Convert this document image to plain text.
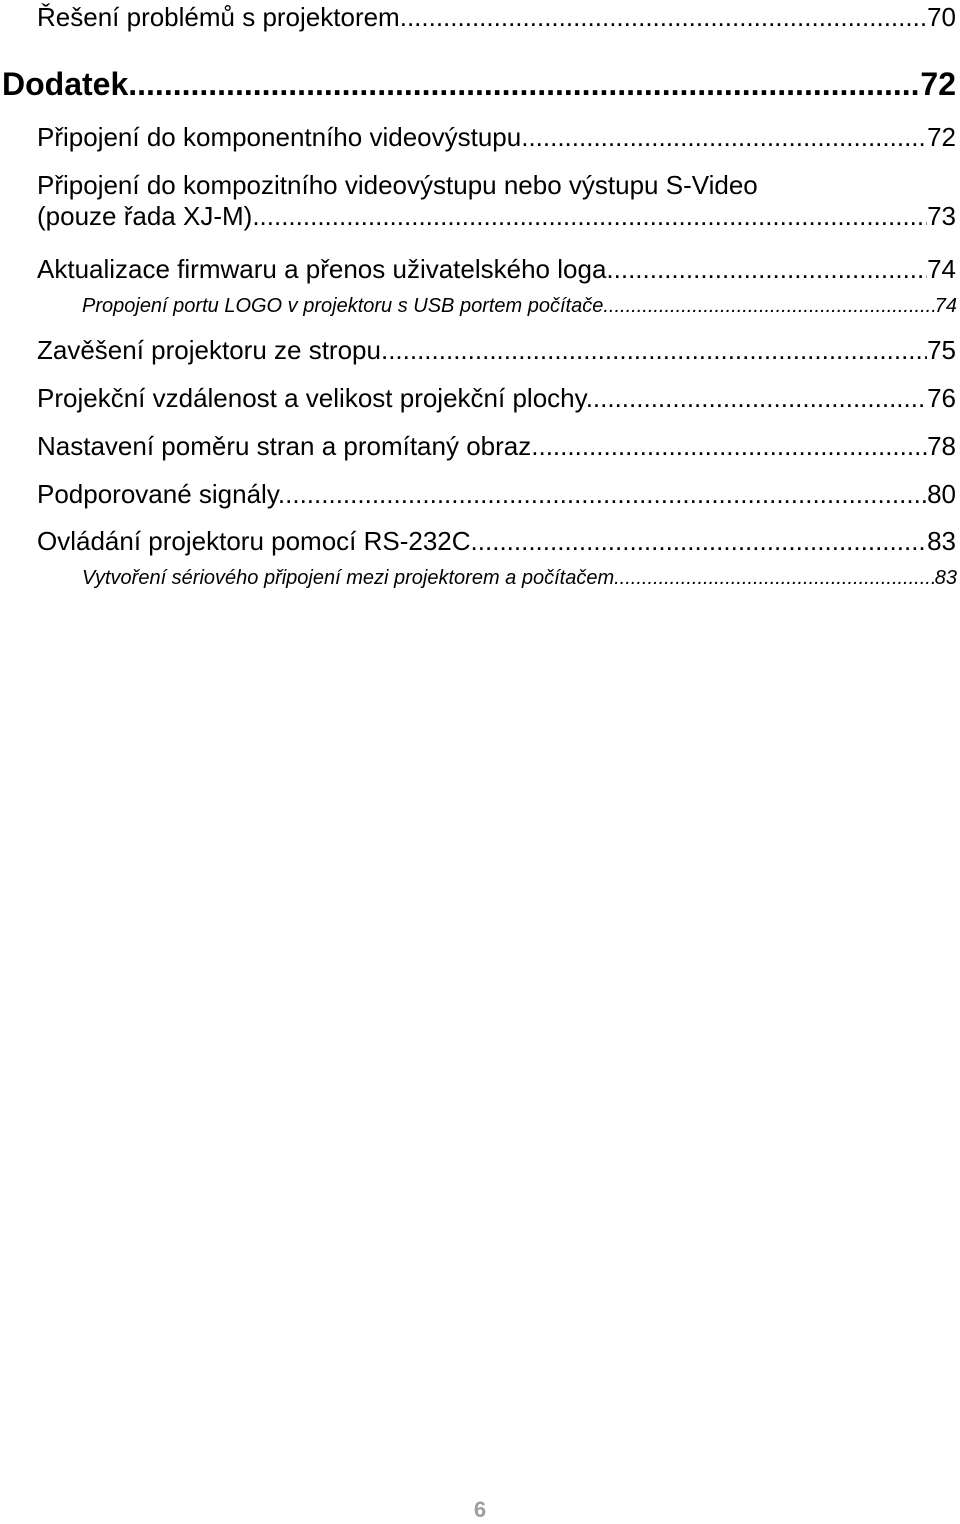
Řešení problémů s projektorem .....	70
Dodatek .....	72
Připojení do komponentního videovýstupu .....	72
Připojení do kompozitního videovýstupu nebo výstupu S-Video
(pouze řada XJ-M) .....	73
Aktualizace firmwaru a přenos uživatelského loga .....	74
Propojení portu LOGO v projektoru s USB portem počítače .....	74
Zavěšení projektoru ze stropu .....	75
Projekční vzdálenost a velikost projekční plochy .....	76
Nastavení poměru stran a promítaný obraz .....	78
Podporované signály .....	80
Ovládání projektoru pomocí RS-232C .....	83
Vytvoření sériového připojení mezi projektorem a počítačem .....	83
6
